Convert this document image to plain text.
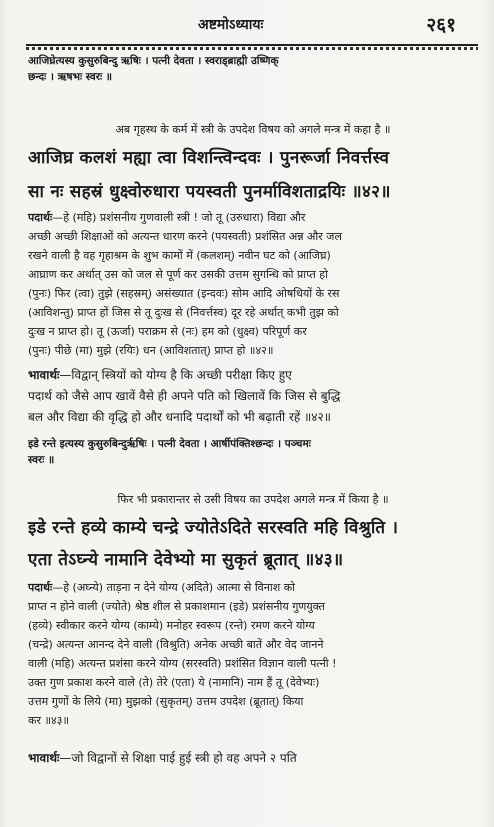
अष्टमोऽध्यायः	२६१
आजिघ्रेत्यस्य कुसुरुबिन्दु ऋषिः । पत्नी देवता । स्वराड्ब्राह्मी उष्णिक्
छन्दः । ऋषभः स्वरः ॥
अब गृहस्थ के कर्म में स्त्री के उपदेश विषय को अगले मन्त्र में कहा है ॥
आजिघ्र कलशं मह्या त्वा विशन्त्विन्दवः । पुनरूर्जा निवर्त्तस्व
सा नः सहस्रं धुक्ष्वोरुधारा पयस्वती पुनर्माविशताद्रयिः ॥४२॥
पदार्थः—हे (महि) प्रशंसनीय गुणवाली स्त्री ! जो तू (उरुधारा) विद्या और
अच्छी अच्छी शिक्षाओं को अत्यन्त धारण करने (पयस्वती) प्रशंसित अन्न और जल
रखने वाली है वह गृहाश्रम के शुभ कामों में (कलशम्) नवीन घट को (आजिघ्र)
आघ्राण कर अर्थात् उस को जल से पूर्ण कर उसकी उत्तम सुगन्धि को प्राप्त हो
(पुनः) फिर (त्वा) तुझे (सहस्रम्) असंख्यात (इन्दवः) सोम आदि ओषधियों के रस
(आविशन्तु) प्राप्त हों जिस से तू दुःख से (निवर्त्तस्व) दूर रहे अर्थात् कभी तुझ को
दुःख न प्राप्त हो। तू (ऊर्जा) पराक्रम से (नः) हम को (धुक्ष्व) परिपूर्ण कर
(पुनः) पीछे (मा) मुझे (रयिः) धन (आविशतात्) प्राप्त हो ॥४२॥
भावार्थः—विद्वान् स्त्रियों को योग्य है कि अच्छी परीक्षा किए हुए
पदार्थ को जैसे आप खावें वैसे ही अपने पति को खिलावें कि जिस से बुद्धि
बल और विद्या की वृद्धि हो और धनादि पदार्थों को भी बढ़ाती रहें ॥४२॥
इडे रन्ते इत्यस्य कुसुरुबिन्दुर्ऋषिः । पत्नी देवता । आर्षीपंक्तिश्छन्दः । पञ्चमः
स्वरः ॥
फिर भी प्रकारान्तर से उसी विषय का उपदेश अगले मन्त्र में किया है ॥
इडे रन्ते हव्ये काम्ये चन्द्रे ज्योतेऽदिते सरस्वति महि विश्रुति ।
एता तेऽघ्न्ये नामानि देवेभ्यो मा सुकृतं ब्रूतात् ॥४३॥
पदार्थः—हे (अघ्न्ये) ताड़ना न देने योग्य (अदिते) आत्मा से विनाश को
प्राप्त न होने वाली (ज्योते) श्रेष्ठ शील से प्रकाशमान (इडे) प्रशंसनीय गुणयुक्त
(हव्ये) स्वीकार करने योग्य (काम्ये) मनोहर स्वरूप (रन्ते) रमण करने योग्य
(चन्द्रे) अत्यन्त आनन्द देने वाली (विश्रुति) अनेक अच्छी बातें और वेद जानने
वाली (महि) अत्यन्त प्रशंसा करने योग्य (सरस्वति) प्रशंसित विज्ञान वाली पत्नी !
उक्त गुण प्रकाश करने वाले (ते) तेरे (एता) ये (नामानि) नाम हैं तू (देवेभ्यः)
उत्तम गुणों के लिये (मा) मुझको (सुकृतम्) उत्तम उपदेश (ब्रूतात्) किया
कर ॥४३॥
भावार्थः—जो विद्वानों से शिक्षा पाई हुई स्त्री हो वह अपने २ पति
